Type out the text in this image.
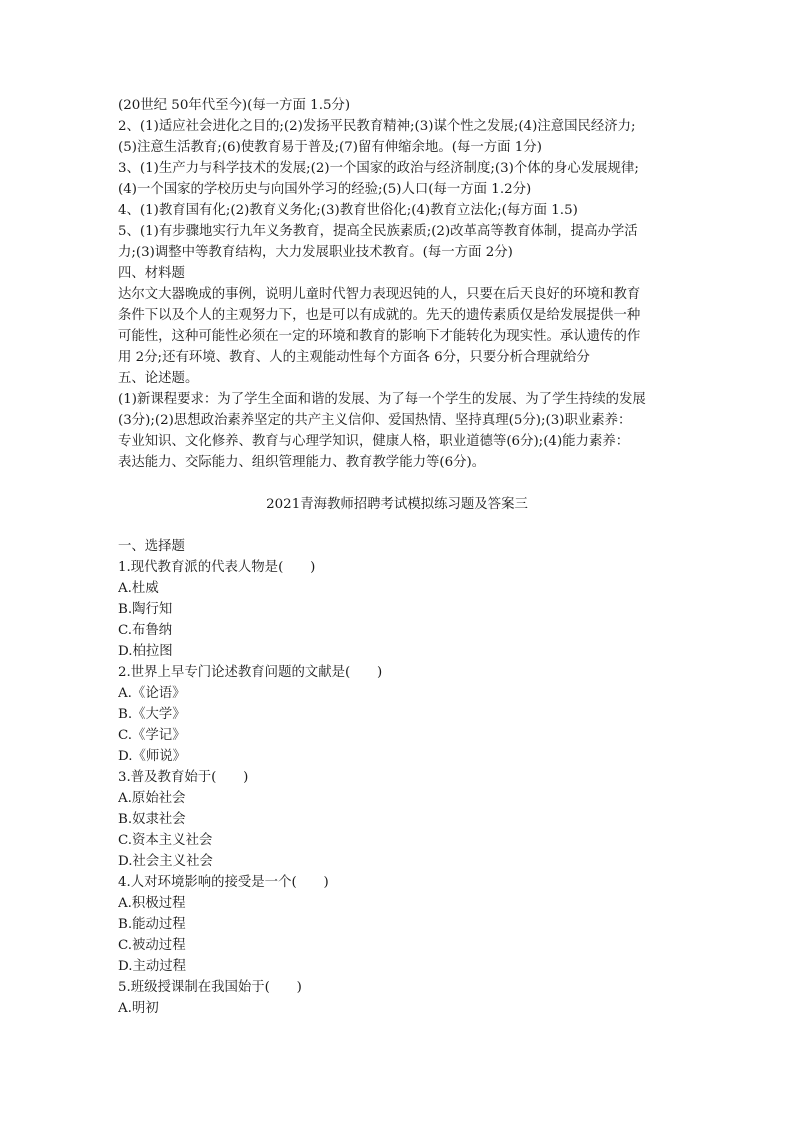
(20世纪 50年代至今)(每一方面 1.5分)
2、(1)适应社会进化之目的;(2)发扬平民教育精神;(3)谋个性之发展;(4)注意国民经济力;
(5)注意生活教育;(6)使教育易于普及;(7)留有伸缩余地。(每一方面 1分)
3、(1)生产力与科学技术的发展;(2)一个国家的政治与经济制度;(3)个体的身心发展规律;
(4)一个国家的学校历史与向国外学习的经验;(5)人口(每一方面 1.2分)
4、(1)教育国有化;(2)教育义务化;(3)教育世俗化;(4)教育立法化;(每方面 1.5)
5、(1)有步骤地实行九年义务教育，提高全民族素质;(2)改革高等教育体制，提高办学活
力;(3)调整中等教育结构，大力发展职业技术教育。(每一方面 2分)
四、材料题
达尔文大器晚成的事例，说明儿童时代智力表现迟钝的人，只要在后天良好的环境和教育
条件下以及个人的主观努力下，也是可以有成就的。先天的遗传素质仅是给发展提供一种
可能性，这种可能性必须在一定的环境和教育的影响下才能转化为现实性。承认遗传的作
用 2分;还有环境、教育、人的主观能动性每个方面各 6分，只要分析合理就给分
五、论述题。
(1)新课程要求：为了学生全面和谐的发展、为了每一个学生的发展、为了学生持续的发展
(3分);(2)思想政治素养坚定的共产主义信仰、爱国热情、坚持真理(5分);(3)职业素养：
专业知识、文化修养、教育与心理学知识，健康人格，职业道德等(6分);(4)能力素养：
表达能力、交际能力、组织管理能力、教育教学能力等(6分)。
2021青海教师招聘考试模拟练习题及答案三
一、选择题
1.现代教育派的代表人物是(　　)
A.杜威
B.陶行知
C.布鲁纳
D.柏拉图
2.世界上早专门论述教育问题的文献是(　　)
A.《论语》
B.《大学》
C.《学记》
D.《师说》
3.普及教育始于(　　)
A.原始社会
B.奴隶社会
C.资本主义社会
D.社会主义社会
4.人对环境影响的接受是一个(　　)
A.积极过程
B.能动过程
C.被动过程
D.主动过程
5.班级授课制在我国始于(　　)
A.明初
